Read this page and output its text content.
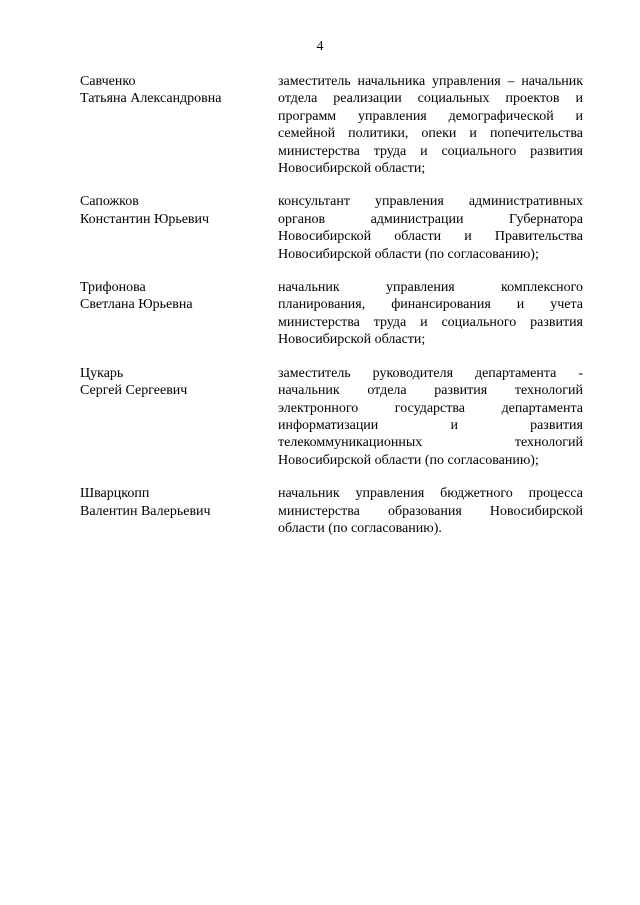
4
Савченко
Татьяна Александровна
заместитель начальника управления – начальник отдела реализации социальных проектов и программ управления демографической и семейной политики, опеки и попечительства министерства труда и социального развития Новосибирской области;
Сапожков
Константин Юрьевич
консультант управления административных органов администрации Губернатора Новосибирской области и Правительства Новосибирской области (по согласованию);
Трифонова
Светлана Юрьевна
начальник управления комплексного планирования, финансирования и учета министерства труда и социального развития Новосибирской области;
Цукарь
Сергей Сергеевич
заместитель руководителя департамента - начальник отдела развития технологий электронного государства департамента информатизации и развития телекоммуникационных технологий Новосибирской области (по согласованию);
Шварцкопп
Валентин Валерьевич
начальник управления бюджетного процесса министерства образования Новосибирской области (по согласованию).
